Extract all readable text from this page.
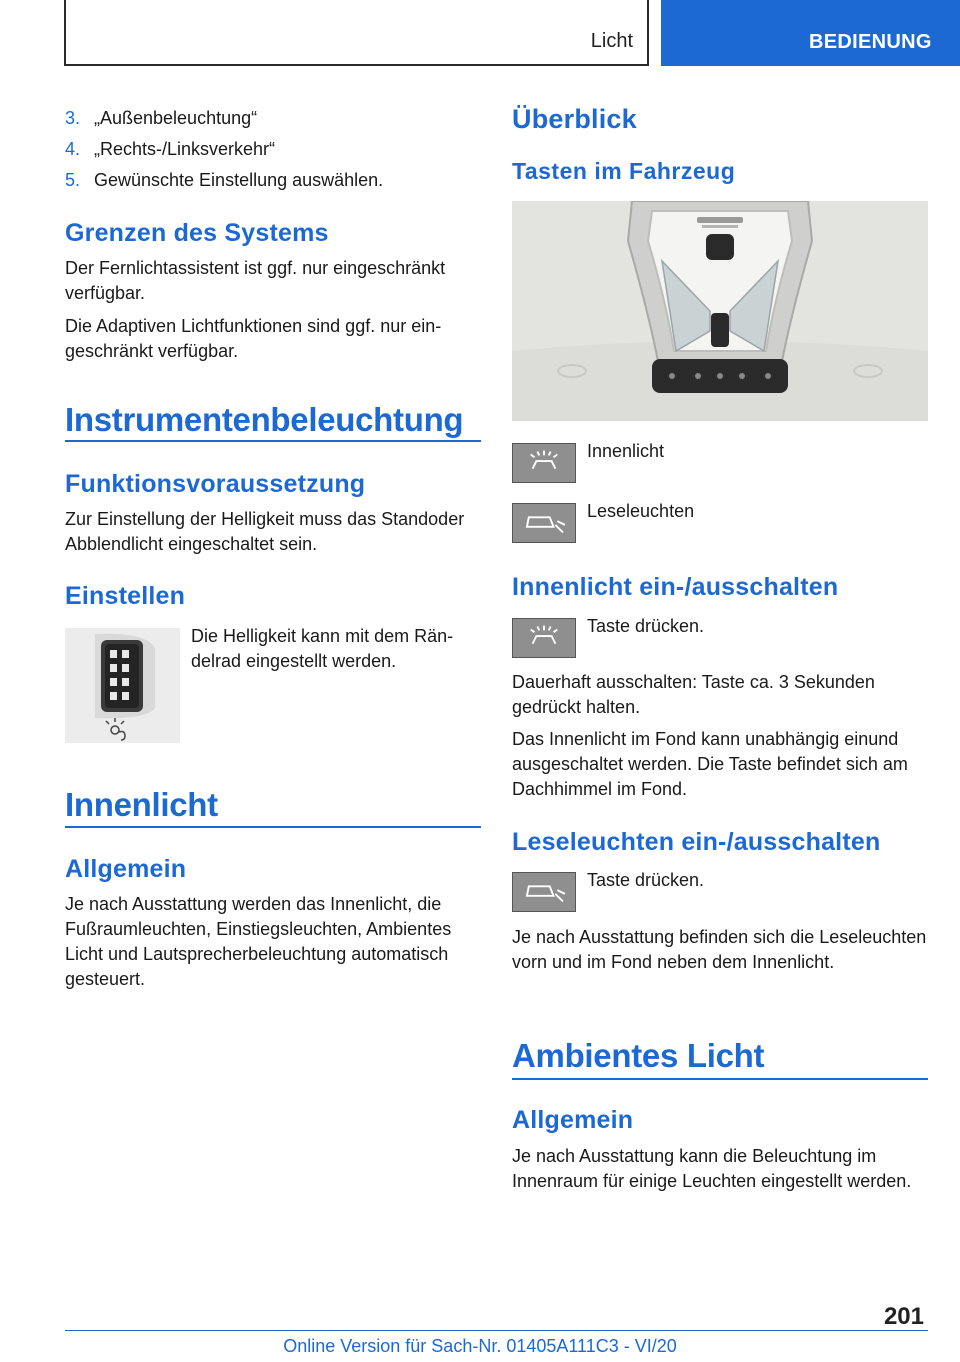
Licht	BEDIENUNG
3. „Außenbeleuchtung“
4. „Rechts-/Linksverkehr“
5. Gewünschte Einstellung auswählen.
Grenzen des Systems
Der Fernlichtassistent ist ggf. nur eingeschränkt verfügbar.
Die Adaptiven Lichtfunktionen sind ggf. nur eingeschränkt verfügbar.
Instrumentenbeleuchtung
Funktionsvoraussetzung
Zur Einstellung der Helligkeit muss das Standoder Abblendlicht eingeschaltet sein.
Einstellen
Die Helligkeit kann mit dem Rändelrad eingestellt werden.
Innenlicht
Allgemein
Je nach Ausstattung werden das Innenlicht, die Fußraumleuchten, Einstiegsleuchten, Ambientes Licht und Lautsprecherbeleuchtung automatisch gesteuert.
Überblick
Tasten im Fahrzeug
Innenlicht
Leseleuchten
Innenlicht ein-/ausschalten
Taste drücken.
Dauerhaft ausschalten: Taste ca. 3 Sekunden gedrückt halten.
Das Innenlicht im Fond kann unabhängig einund ausgeschaltet werden. Die Taste befindet sich am Dachhimmel im Fond.
Leseleuchten ein-/ausschalten
Taste drücken.
Je nach Ausstattung befinden sich die Leseleuchten vorn und im Fond neben dem Innenlicht.
Ambientes Licht
Allgemein
Je nach Ausstattung kann die Beleuchtung im Innenraum für einige Leuchten eingestellt werden.
201
Online Version für Sach-Nr. 01405A111C3 - VI/20
